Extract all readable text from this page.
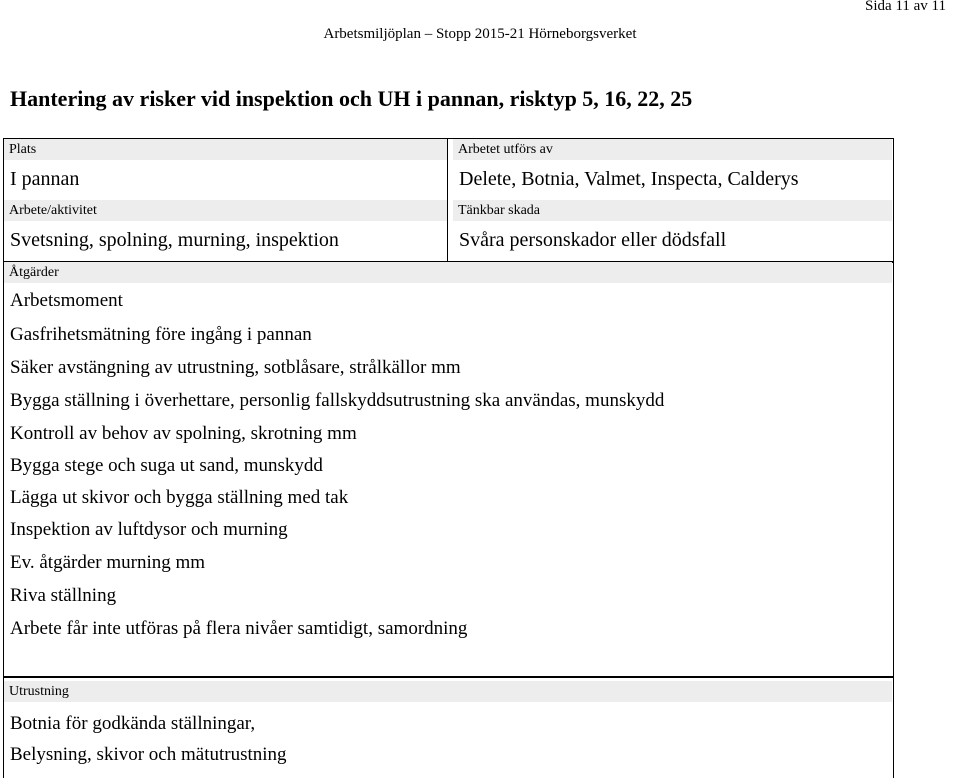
Sida 11 av 11
Arbetsmiljöplan – Stopp 2015-21 Hörneborgsverket
Hantering av risker vid inspektion och UH i pannan, risktyp 5, 16, 22, 25
Plats
I pannan
Arbete/aktivitet
Svetsning, spolning, murning, inspektion
Arbetet utförs av
Delete, Botnia, Valmet, Inspecta, Calderys
Tänkbar skada
Svåra personskador eller dödsfall
Åtgärder
Arbetsmoment
Gasfrihetsmätning före ingång i pannan
Säker avstängning av utrustning, sotblåsare, strålkällor mm
Bygga ställning i överhettare, personlig fallskyddsutrustning ska användas, munskydd
Kontroll av behov av spolning, skrotning mm
Bygga stege och suga ut sand, munskydd
Lägga ut skivor och bygga ställning med tak
Inspektion av luftdysor och murning
Ev. åtgärder murning mm
Riva ställning
Arbete får inte utföras på flera nivåer samtidigt, samordning
Utrustning
Botnia för godkända ställningar,
Belysning, skivor och mätutrustning
